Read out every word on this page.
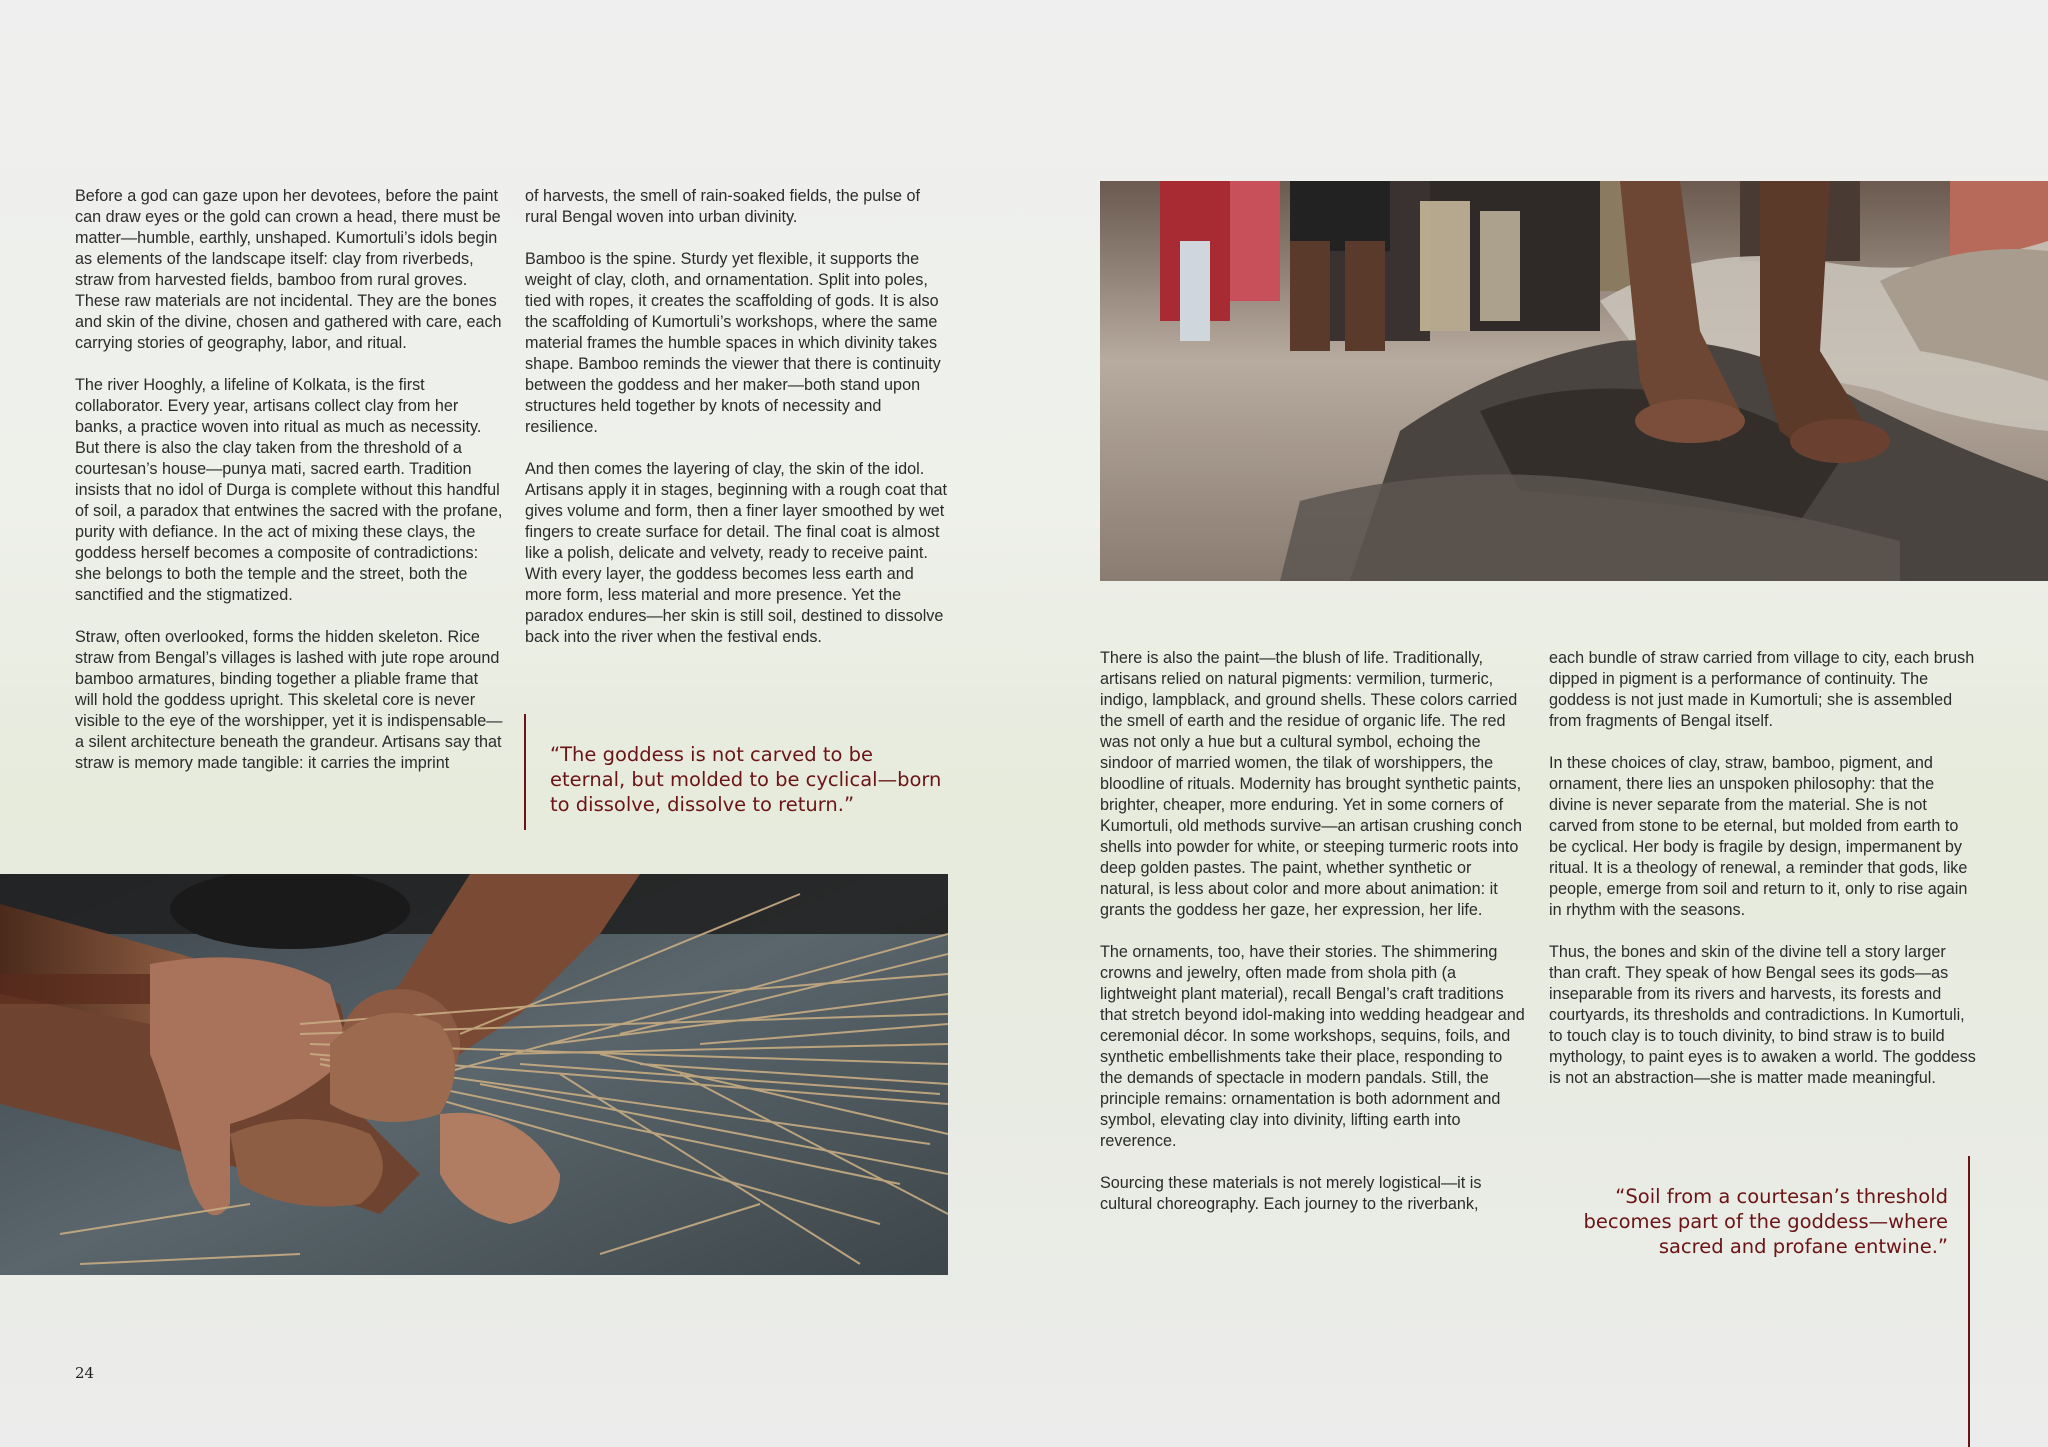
Before a god can gaze upon her devotees, before the paint can draw eyes or the gold can crown a head, there must be matter—humble, earthly, unshaped. Kumortuli’s idols begin as elements of the landscape itself: clay from riverbeds, straw from harvested fields, bamboo from rural groves. These raw materials are not incidental. They are the bones and skin of the divine, chosen and gathered with care, each carrying stories of geography, labor, and ritual.

The river Hooghly, a lifeline of Kolkata, is the first collaborator. Every year, artisans collect clay from her banks, a practice woven into ritual as much as necessity. But there is also the clay taken from the threshold of a courtesan’s house—punya mati, sacred earth. Tradition insists that no idol of Durga is complete without this handful of soil, a paradox that entwines the sacred with the profane, purity with defiance. In the act of mixing these clays, the goddess herself becomes a composite of contradictions: she belongs to both the temple and the street, both the sanctified and the stigmatized.

Straw, often overlooked, forms the hidden skeleton. Rice straw from Bengal’s villages is lashed with jute rope around bamboo armatures, binding together a pliable frame that will hold the goddess upright. This skeletal core is never visible to the eye of the worshipper, yet it is indispensable—a silent architecture beneath the grandeur. Artisans say that straw is memory made tangible: it carries the imprint

of harvests, the smell of rain-soaked fields, the pulse of rural Bengal woven into urban divinity.

Bamboo is the spine. Sturdy yet flexible, it supports the weight of clay, cloth, and ornamentation. Split into poles, tied with ropes, it creates the scaffolding of gods. It is also the scaffolding of Kumortuli’s workshops, where the same material frames the humble spaces in which divinity takes shape. Bamboo reminds the viewer that there is continuity between the goddess and her maker—both stand upon structures held together by knots of necessity and resilience.

And then comes the layering of clay, the skin of the idol. Artisans apply it in stages, beginning with a rough coat that gives volume and form, then a finer layer smoothed by wet fingers to create surface for detail. The final coat is almost like a polish, delicate and velvety, ready to receive paint. With every layer, the goddess becomes less earth and more form, less material and more presence. Yet the paradox endures—her skin is still soil, destined to dissolve back into the river when the festival ends.

“The goddess is not carved to be eternal, but molded to be cyclical—born to dissolve, dissolve to return.”

There is also the paint—the blush of life. Traditionally, artisans relied on natural pigments: vermilion, turmeric, indigo, lampblack, and ground shells. These colors carried the smell of earth and the residue of organic life. The red was not only a hue but a cultural symbol, echoing the sindoor of married women, the tilak of worshippers, the bloodline of rituals. Modernity has brought synthetic paints, brighter, cheaper, more enduring. Yet in some corners of Kumortuli, old methods survive—an artisan crushing conch shells into powder for white, or steeping turmeric roots into deep golden pastes. The paint, whether synthetic or natural, is less about color and more about animation: it grants the goddess her gaze, her expression, her life.

The ornaments, too, have their stories. The shimmering crowns and jewelry, often made from shola pith (a lightweight plant material), recall Bengal’s craft traditions that stretch beyond idol-making into wedding headgear and ceremonial décor. In some workshops, sequins, foils, and synthetic embellishments take their place, responding to the demands of spectacle in modern pandals. Still, the principle remains: ornamentation is both adornment and symbol, elevating clay into divinity, lifting earth into reverence.

Sourcing these materials is not merely logistical—it is cultural choreography. Each journey to the riverbank,

each bundle of straw carried from village to city, each brush dipped in pigment is a performance of continuity. The goddess is not just made in Kumortuli; she is assembled from fragments of Bengal itself.

In these choices of clay, straw, bamboo, pigment, and ornament, there lies an unspoken philosophy: that the divine is never separate from the material. She is not carved from stone to be eternal, but molded from earth to be cyclical. Her body is fragile by design, impermanent by ritual. It is a theology of renewal, a reminder that gods, like people, emerge from soil and return to it, only to rise again in rhythm with the seasons.

Thus, the bones and skin of the divine tell a story larger than craft. They speak of how Bengal sees its gods—as inseparable from its rivers and harvests, its forests and courtyards, its thresholds and contradictions. In Kumortuli, to touch clay is to touch divinity, to bind straw is to build mythology, to paint eyes is to awaken a world. The goddess is not an abstraction—she is matter made meaningful.

“Soil from a courtesan’s threshold becomes part of the goddess—where sacred and profane entwine.”
24
